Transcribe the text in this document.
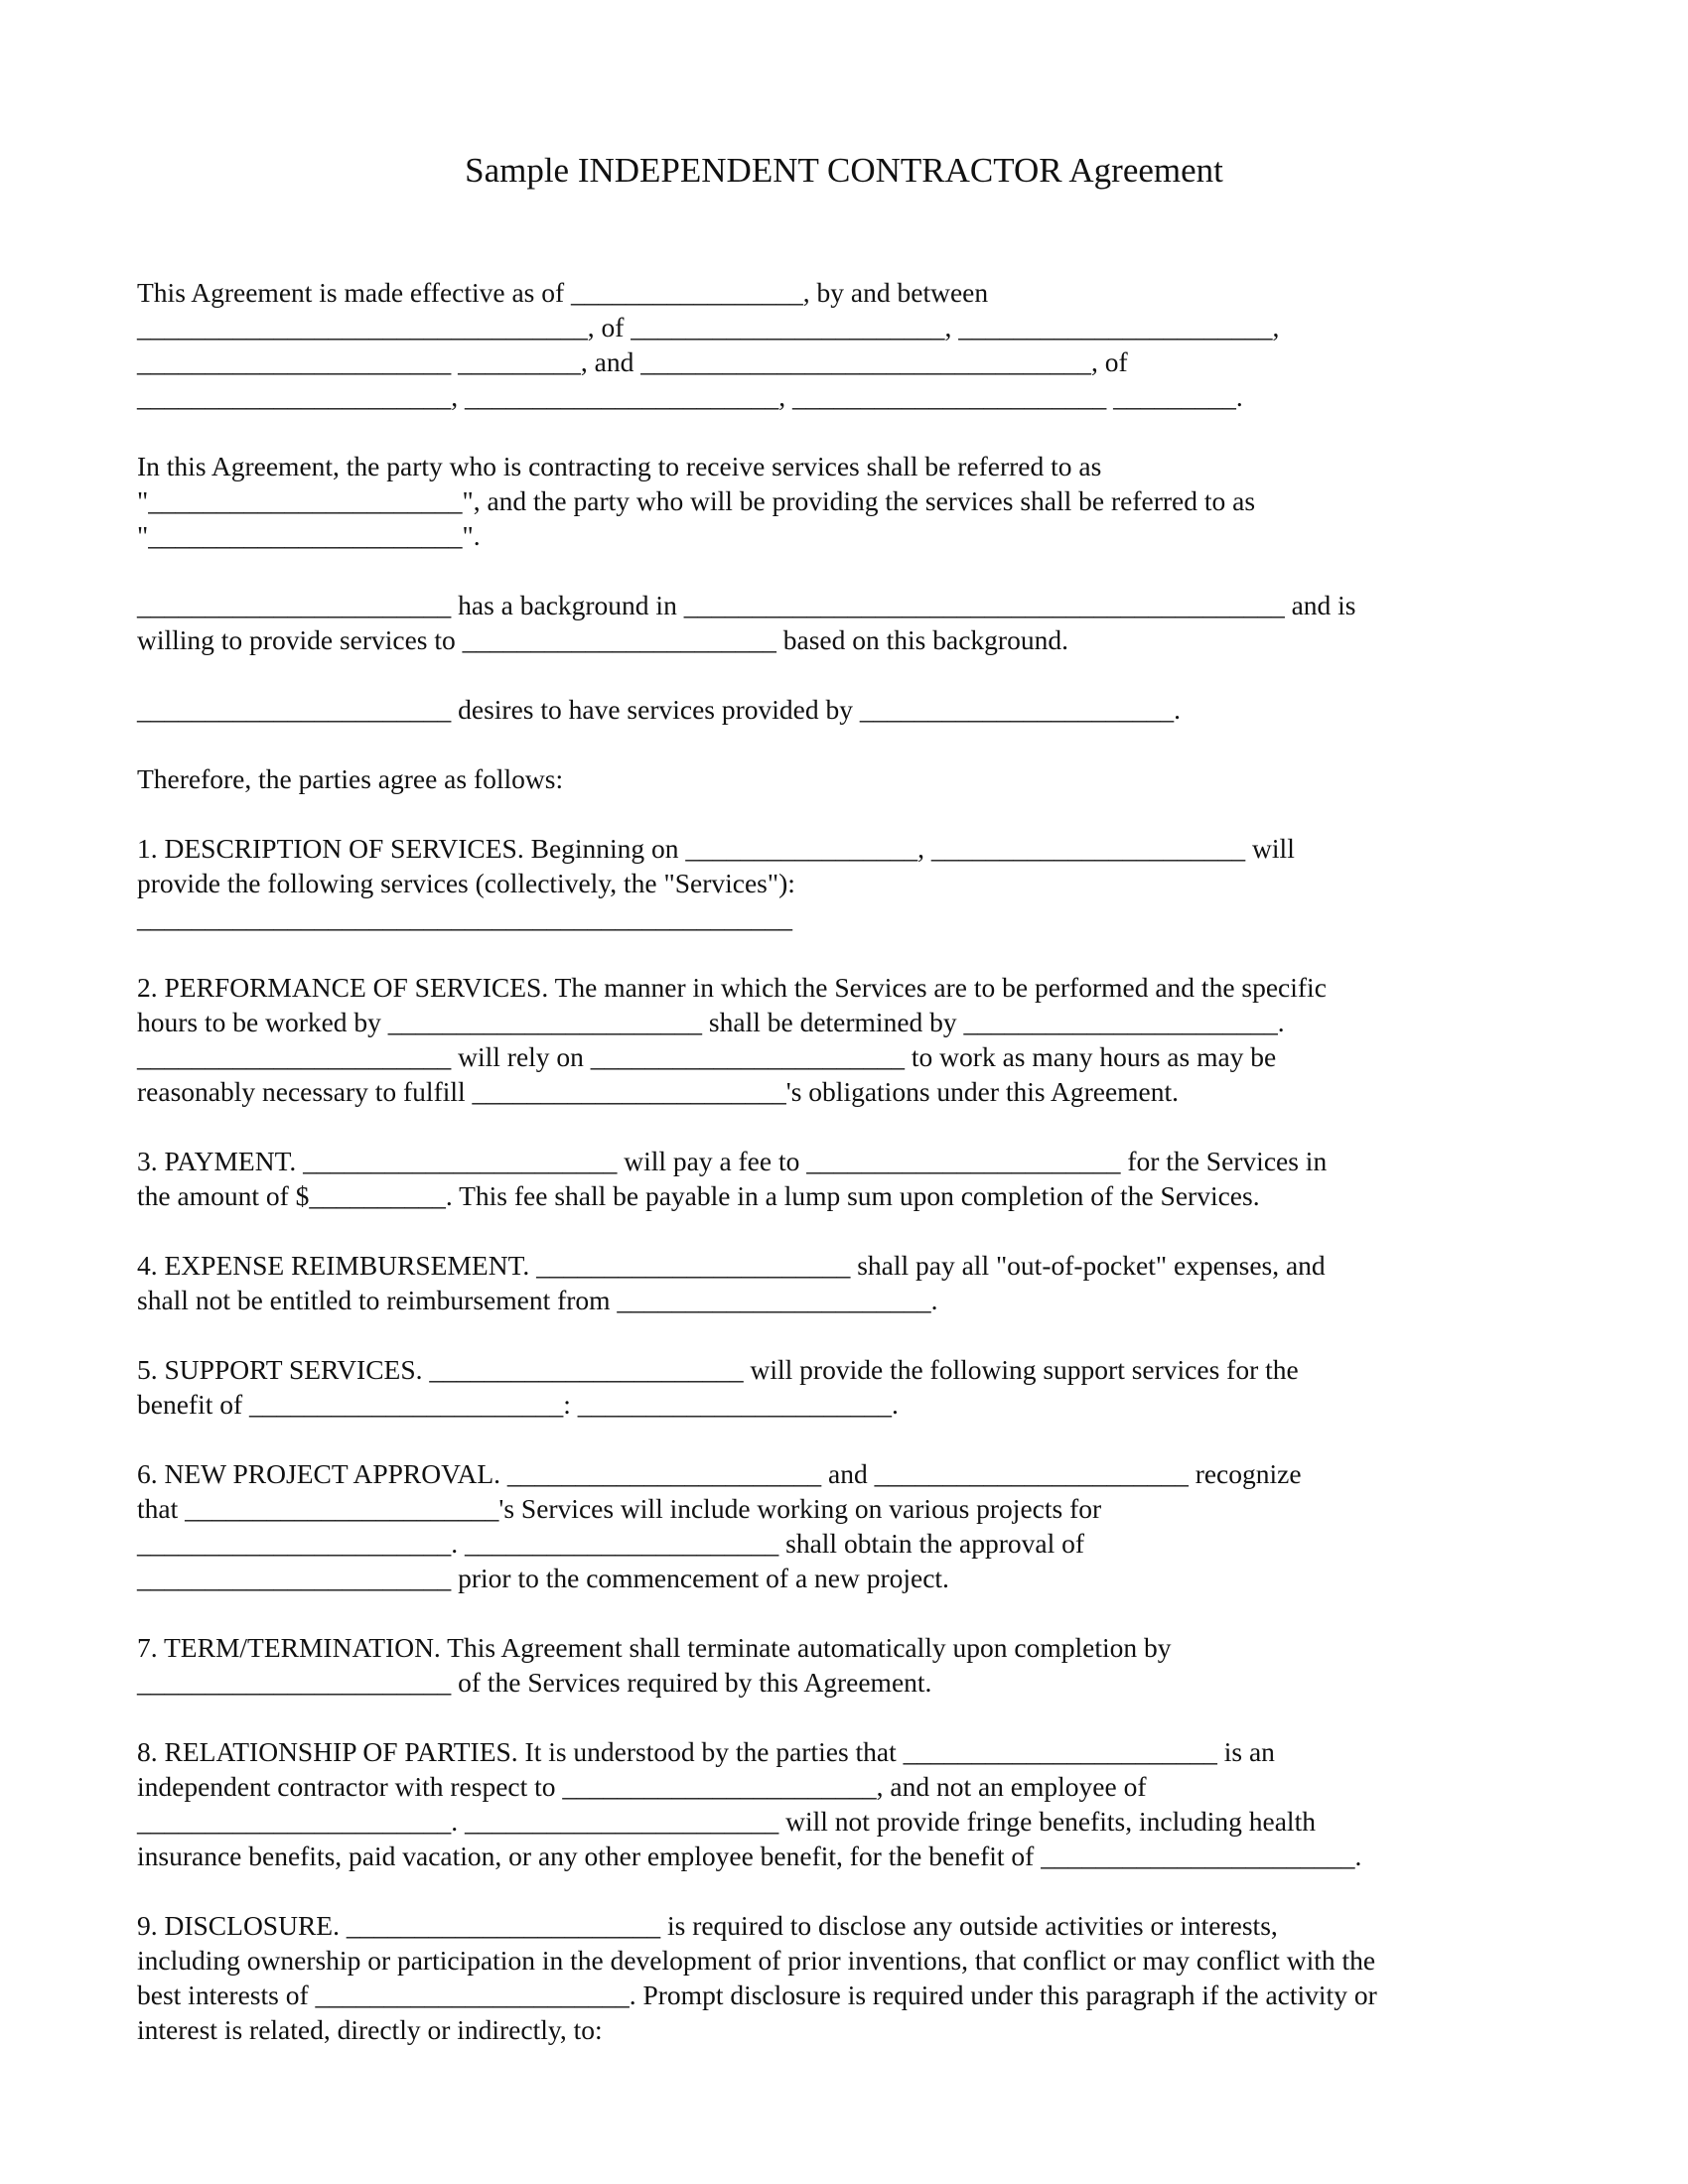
Sample INDEPENDENT CONTRACTOR Agreement
This Agreement is made effective as of _________________, by and between
_________________________________, of _______________________, _______________________,
_______________________ _________, and _________________________________, of
_______________________, _______________________, _______________________ _________.
In this Agreement, the party who is contracting to receive services shall be referred to as
"_______________________", and the party who will be providing the services shall be referred to as
"_______________________".
_______________________ has a background in ____________________________________________ and is
willing to provide services to _______________________ based on this background.
_______________________ desires to have services provided by _______________________.
Therefore, the parties agree as follows:
1. DESCRIPTION OF SERVICES. Beginning on _________________, _______________________ will
provide the following services (collectively, the "Services"):
________________________________________________
2. PERFORMANCE OF SERVICES. The manner in which the Services are to be performed and the specific
hours to be worked by _______________________ shall be determined by _______________________.
_______________________ will rely on _______________________ to work as many hours as may be
reasonably necessary to fulfill _______________________'s obligations under this Agreement.
3. PAYMENT. _______________________ will pay a fee to _______________________ for the Services in
the amount of $__________. This fee shall be payable in a lump sum upon completion of the Services.
4. EXPENSE REIMBURSEMENT. _______________________ shall pay all "out-of-pocket" expenses, and
shall not be entitled to reimbursement from _______________________.
5. SUPPORT SERVICES. _______________________ will provide the following support services for the
benefit of _______________________: _______________________.
6. NEW PROJECT APPROVAL. _______________________ and _______________________ recognize
that _______________________'s Services will include working on various projects for
_______________________. _______________________ shall obtain the approval of
_______________________ prior to the commencement of a new project.
7. TERM/TERMINATION. This Agreement shall terminate automatically upon completion by
_______________________ of the Services required by this Agreement.
8. RELATIONSHIP OF PARTIES. It is understood by the parties that _______________________ is an
independent contractor with respect to _______________________, and not an employee of
_______________________. _______________________ will not provide fringe benefits, including health
insurance benefits, paid vacation, or any other employee benefit, for the benefit of _______________________.
9. DISCLOSURE. _______________________ is required to disclose any outside activities or interests,
including ownership or participation in the development of prior inventions, that conflict or may conflict with the
best interests of _______________________. Prompt disclosure is required under this paragraph if the activity or
interest is related, directly or indirectly, to:
